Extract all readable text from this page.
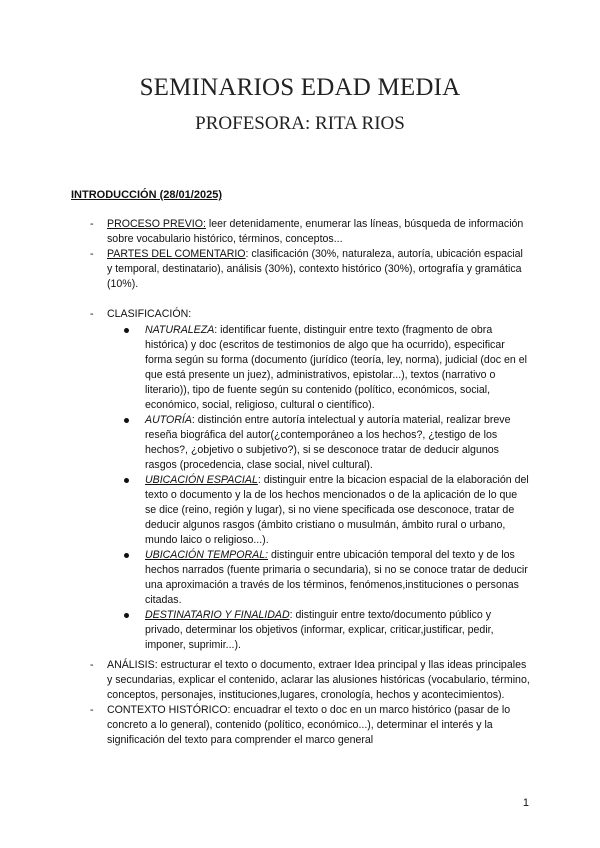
SEMINARIOS EDAD MEDIA
PROFESORA: RITA RIOS
INTRODUCCIÓN (28/01/2025)
- PROCESO PREVIO: leer detenidamente, enumerar las líneas, búsqueda de información sobre vocabulario histórico, términos, conceptos...
- PARTES DEL COMENTARIO: clasificación (30%, naturaleza, autoría, ubicación espacial y temporal, destinatario), análisis (30%), contexto histórico (30%), ortografía y gramática (10%).
- CLASIFICACIÓN:
NATURALEZA: identificar fuente, distinguir entre texto (fragmento de obra histórica) y doc (escritos de testimonios de algo que ha ocurrido), especificar forma según su forma (documento (jurídico (teoría, ley, norma), judicial (doc en el que está presente un juez), administrativos, epistolar...), textos (narrativo o literario)), tipo de fuente según su contenido (político, económicos, social, económico, social, religioso, cultural o científico).
AUTORÍA: distinción entre autoría intelectual y autoría material, realizar breve reseña biográfica del autor(¿contemporáneo a los hechos?, ¿testigo de los hechos?, ¿objetivo o subjetivo?), si se desconoce tratar de deducir algunos rasgos (procedencia, clase social, nivel cultural).
UBICACIÓN ESPACIAL: distinguir entre la bicacion espacial de la elaboración del texto o documento y la de los hechos mencionados o de la aplicación de lo que se dice (reino, región y lugar), si no viene specificada ose desconoce, tratar de deducir algunos rasgos (ámbito cristiano o musulmán, ámbito rural o urbano, mundo laico o religioso...).
UBICACIÓN TEMPORAL: distinguir entre ubicación temporal del texto y de los hechos narrados (fuente primaria o secundaria), si no se conoce tratar de deducir una aproximación a través de los términos, fenómenos,instituciones o personas citadas.
DESTINATARIO Y FINALIDAD: distinguir entre texto/documento público y privado, determinar los objetivos (informar, explicar, criticar,justificar, pedir, imponer, suprimir...).
- ANÁLISIS: estructurar el texto o documento, extraer Idea principal y llas ideas principales y secundarias, explicar el contenido, aclarar las alusiones históricas (vocabulario, término, conceptos, personajes, instituciones,lugares, cronología, hechos y acontecimientos).
- CONTEXTO HISTÓRICO: encuadrar el texto o doc en un marco histórico (pasar de lo concreto a lo general), contenido (político, económico...), determinar el interés y la significación del texto para comprender el marco general
1
